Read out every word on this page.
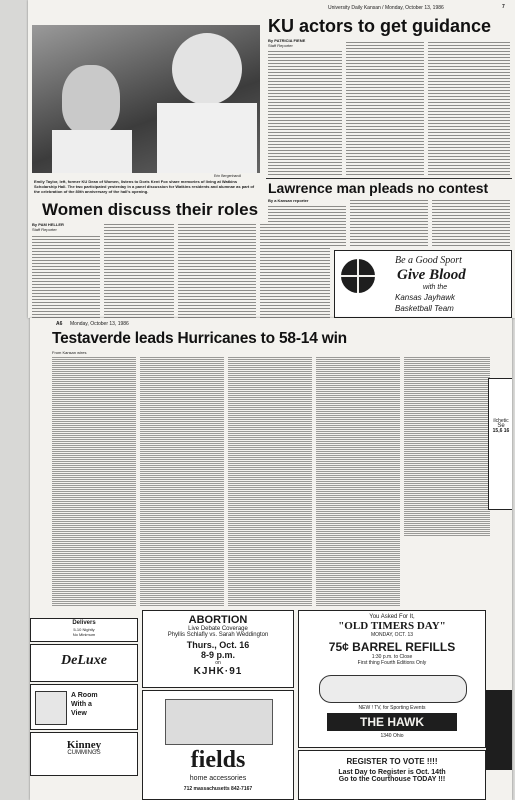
University Daily Kansan / Monday, October 13, 1986	7
Erin Bergenhandl
Emily Taylor, left, former KU Dean of Women, listens to Doris Kent Fox share memories of living at Watkins Scholarship Hall. The two participated yesterday in a panel discussion for Watkins residents and alumnae as part of the celebration of the 80th anniversary of the hall's opening.
Women discuss their roles
By PAM HELLER
Staff Reporter
KU actors to get guidance
By PATRICIA FIENE
Staff Reporter
Lawrence man pleads no contest
By a Kansan reporter
Be a Good Sport
Give Blood
with the
Kansas Jayhawk
Basketball Team
A6 Monday, October 13, 1986
Testaverde leads Hurricanes to 58-14 win
From Kansan wires
Delivers
5-10 Nightly
No Minimum
DeLuxe
A Room
With a
View
Kinney
CUMMINGS
ABORTION
Live Debate Coverage
Phyllis Schlafly vs. Sarah Weddington
Thurs., Oct. 16
8-9 p.m.
on
KJHK·91
fields
home accessories
712 massachusetts 842-7167
You Asked For It,
"OLD TIMERS DAY"
MONDAY, OCT. 13
75¢ BARREL REFILLS
1:30 p.m. to Close
First thing Fourth Editions Only
NEW ! TV, for Sporting Events
THE HAWK
1340 Ohio
REGISTER TO VOTE !!!!
Last Day to Register is Oct. 14th
Go to the Courthouse TODAY !!!
ilchetic
Se
15,6 16
